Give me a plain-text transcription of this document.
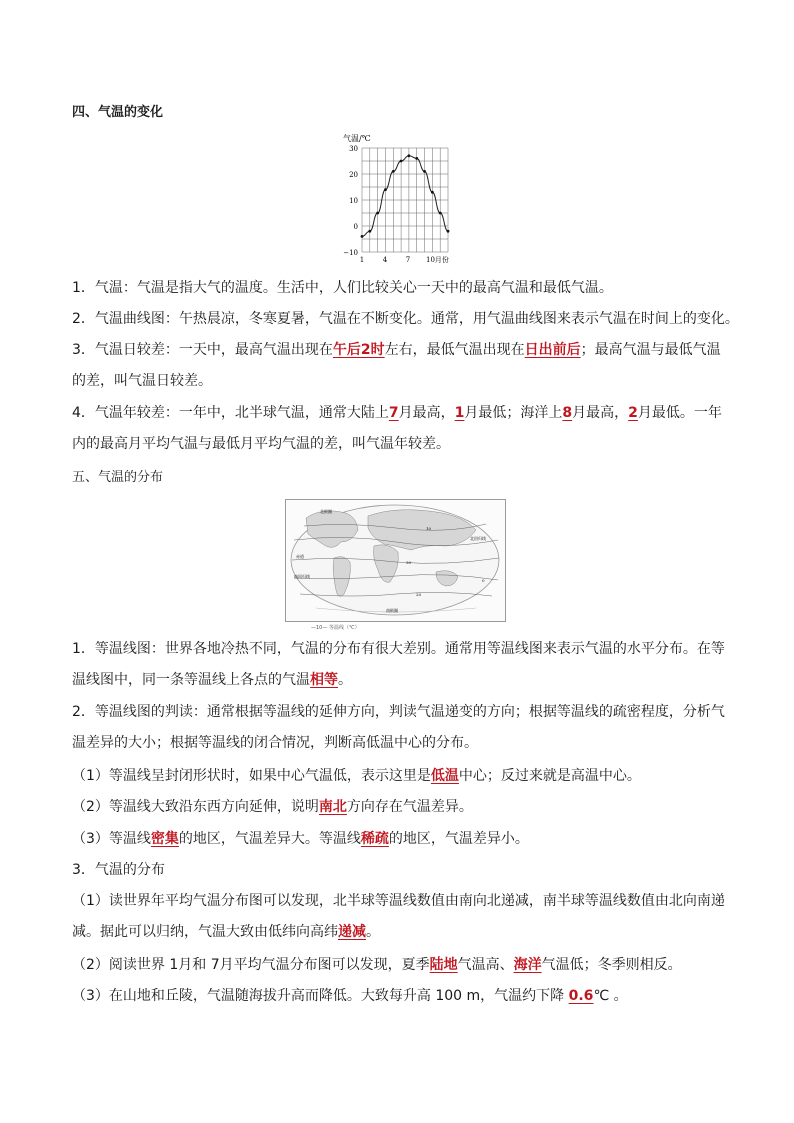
四、气温的变化
气温/℃
30
20
10
0
−10
1	4	7 10月份
1．气温：气温是指大气的温度。生活中，人们比较关心一天中的最高气温和最低气温。
2．气温曲线图：午热晨凉，冬寒夏暑，气温在不断变化。通常，用气温曲线图来表示气温在时间上的变化。
3．气温日较差：一天中，最高气温出现在午后2时左右，最低气温出现在日出前后；最高气温与最低气温的差，叫气温日较差。
4．气温年较差：一年中，北半球气温，通常大陆上7月最高，1月最低；海洋上8月最高，2月最低。一年内的最高月平均气温与最低月平均气温的差，叫气温年较差。
五、气温的分布
北极圈
赤道
南回归线
北回归线
南极圈
0
10
20
30
—10— 等温线（℃）
1．等温线图：世界各地冷热不同，气温的分布有很大差别。通常用等温线图来表示气温的水平分布。在等温线图中，同一条等温线上各点的气温相等。
2．等温线图的判读：通常根据等温线的延伸方向，判读气温递变的方向；根据等温线的疏密程度，分析气温差异的大小；根据等温线的闭合情况，判断高低温中心的分布。
（1）等温线呈封闭形状时，如果中心气温低，表示这里是低温中心；反过来就是高温中心。
（2）等温线大致沿东西方向延伸，说明南北方向存在气温差异。
（3）等温线密集的地区，气温差异大。等温线稀疏的地区，气温差异小。
3．气温的分布
（1）读世界年平均气温分布图可以发现，北半球等温线数值由南向北递减，南半球等温线数值由北向南递减。据此可以归纳，气温大致由低纬向高纬递减。
（2）阅读世界 1月和 7月平均气温分布图可以发现，夏季陆地气温高、海洋气温低；冬季则相反。
（3）在山地和丘陵，气温随海拔升高而降低。大致每升高 100 m，气温约下降 0.6℃ 。
